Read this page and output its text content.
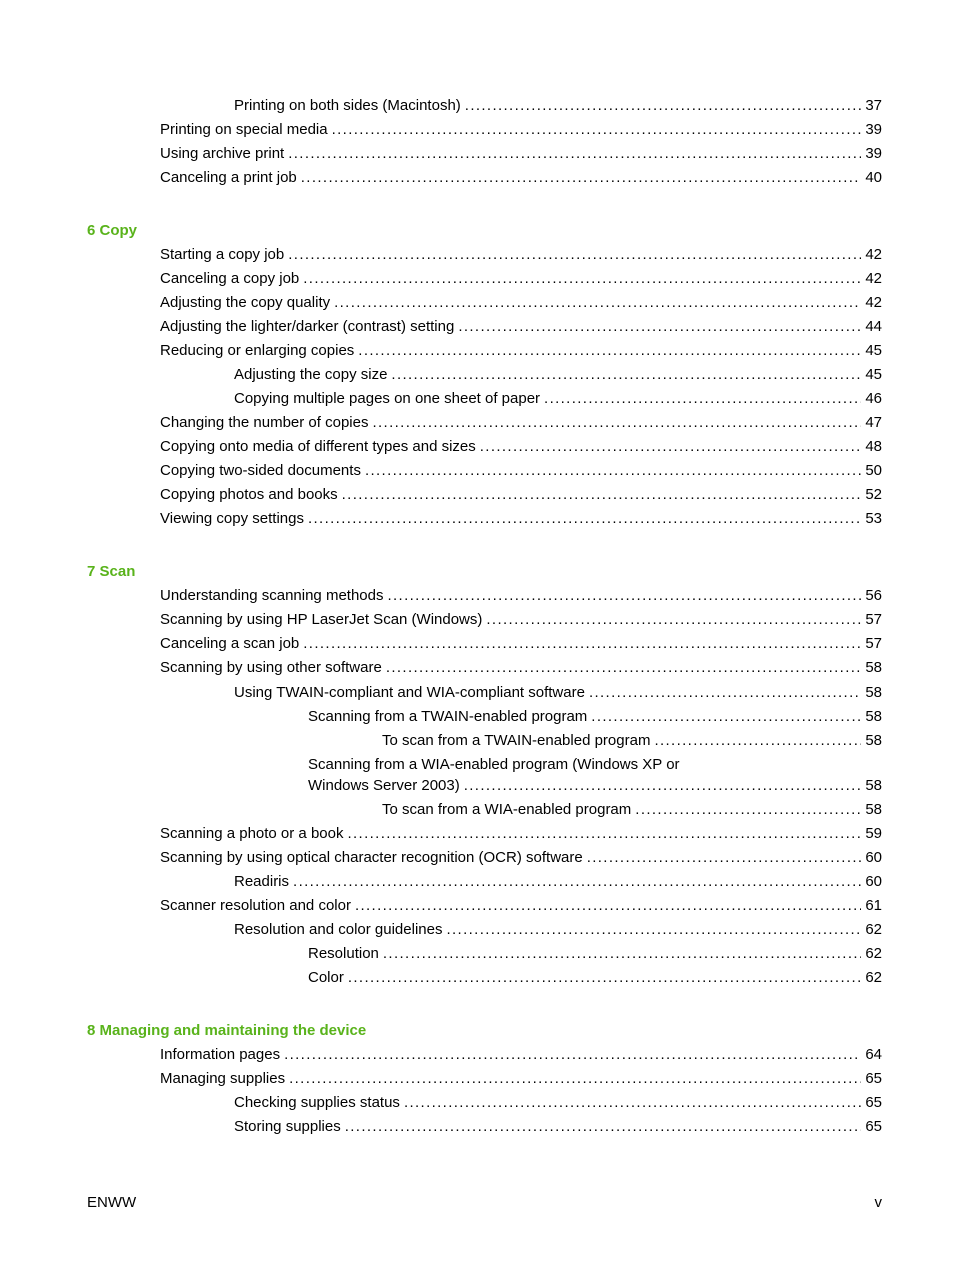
Printing on both sides (Macintosh) . . .	37
Printing on special media . . .	39
Using archive print . . .	39
Canceling a print job . . .	40
6 Copy
Starting a copy job . . .	42
Canceling a copy job . . .	42
Adjusting the copy quality . . .	42
Adjusting the lighter/darker (contrast) setting . . .	44
Reducing or enlarging copies . . .	45
Adjusting the copy size . . .	45
Copying multiple pages on one sheet of paper . . .	46
Changing the number of copies . . .	47
Copying onto media of different types and sizes . . .	48
Copying two-sided documents . . .	50
Copying photos and books . . .	52
Viewing copy settings . . .	53
7 Scan
Understanding scanning methods . . .	56
Scanning by using HP LaserJet Scan (Windows) . . .	57
Canceling a scan job . . .	57
Scanning by using other software . . .	58
Using TWAIN-compliant and WIA-compliant software . . .	58
Scanning from a TWAIN-enabled program . . .	58
To scan from a TWAIN-enabled program . . .	58
Scanning from a WIA-enabled program (Windows XP or
Windows Server 2003) . . .	58
To scan from a WIA-enabled program . . .	58
Scanning a photo or a book . . .	59
Scanning by using optical character recognition (OCR) software . . .	60
Readiris . . .	60
Scanner resolution and color . . .	61
Resolution and color guidelines . . .	62
Resolution . . .	62
Color . . .	62
8 Managing and maintaining the device
Information pages . . .	64
Managing supplies . . .	65
Checking supplies status . . .	65
Storing supplies . . .	65
ENWW	v
